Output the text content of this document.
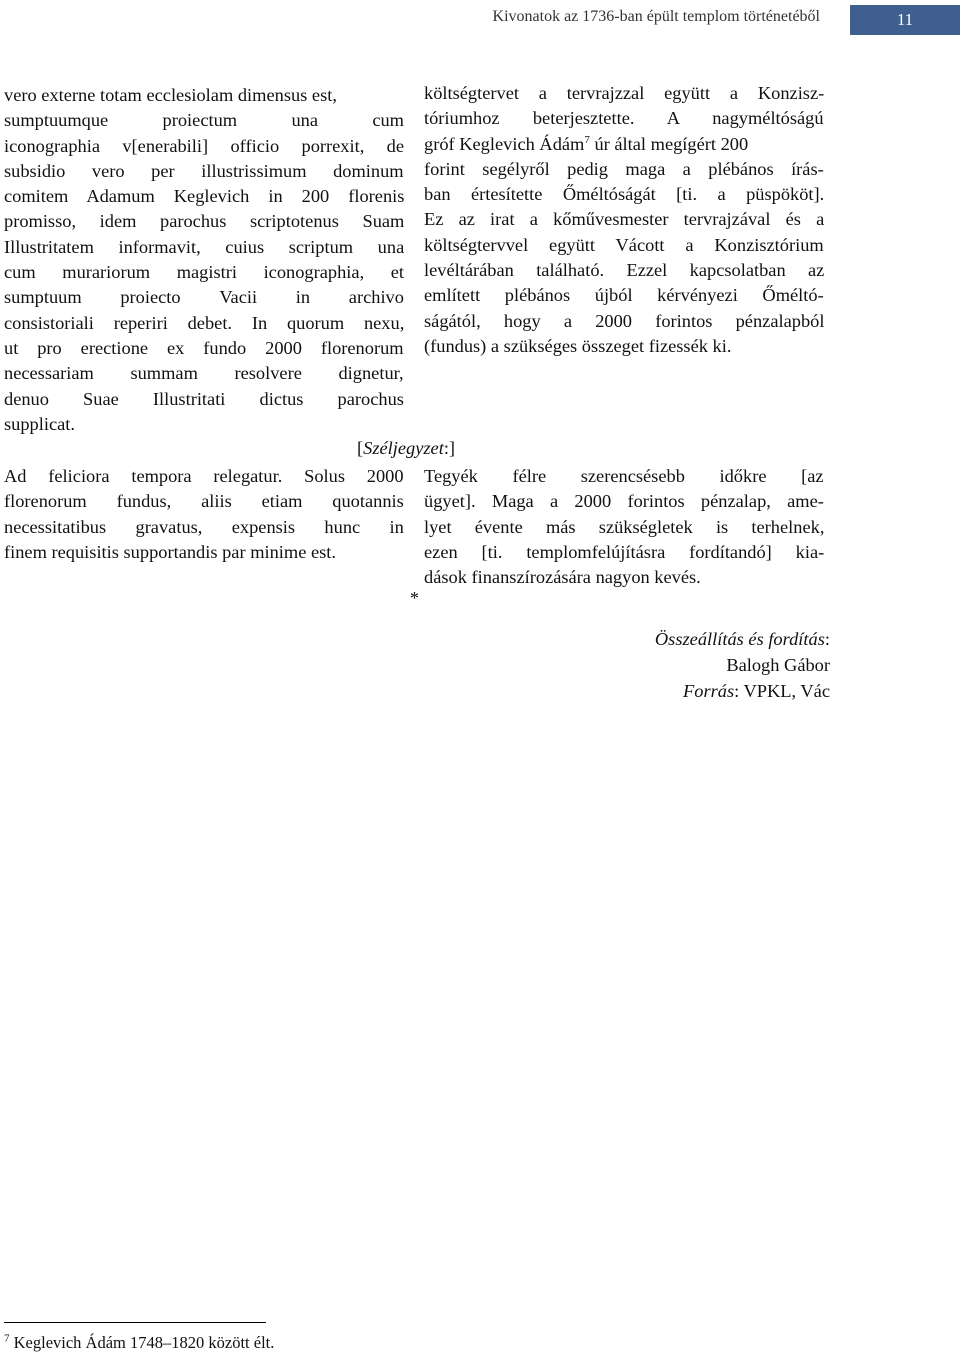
Kivonatok az 1736-ban épült templom történetéből	11
vero externe totam ecclesiolam dimensus est,
sumptuumque	proiectum	una	cum
iconographia v[enerabili] officio porrexit, de
subsidio vero per illustrissimum dominum
comitem Adamum Keglevich in 200 florenis
promisso, idem parochus scriptotenus Suam
Illustritatem informavit, cuius scriptum una
cum murariorum magistri iconographia, et
sumptuum proiecto Vacii in archivo
consistoriali reperiri debet. In quorum nexu,
ut pro erectione ex fundo 2000 florenorum
necessariam summam resolvere dignetur,
denuo Suae Illustritati dictus parochus
supplicat.
költségtervet a tervrajzzal együtt a Konzisz-
tóriumhoz beterjesztette. A nagyméltóságú
gróf Keglevich Ádám$^7$ úr által megígért 200
forint segélyről pedig maga a plébános írás-
ban értesítette Őméltóságát [ti. a püspököt].
Ez az irat a kőművesmester tervrajzával és a
költségtervvel együtt Vácott a Konzisztórium
levéltárában található. Ezzel kapcsolatban az
említett plébános újból kérvényezi Őméltó-
ságától, hogy a 2000 forintos pénzalapból
(fundus) a szükséges összeget fizessék ki.
[Széljegyzet:]
Ad feliciora tempora relegatur. Solus 2000
florenorum fundus, aliis etiam quotannis
necessitatibus gravatus, expensis hunc in
finem requisitis supportandis par minime est.
Tegyék félre szerencsésebb időkre [az
ügyet]. Maga a 2000 forintos pénzalap, ame-
lyet évente más szükségletek is terhelnek,
ezen [ti. templomfelújításra fordítandó] kia-
dások finanszírozására nagyon kevés.
*
Összeállítás és fordítás:
Balogh Gábor
Forrás: VPKL, Vác
$^7$ Keglevich Ádám 1748–1820 között élt.
